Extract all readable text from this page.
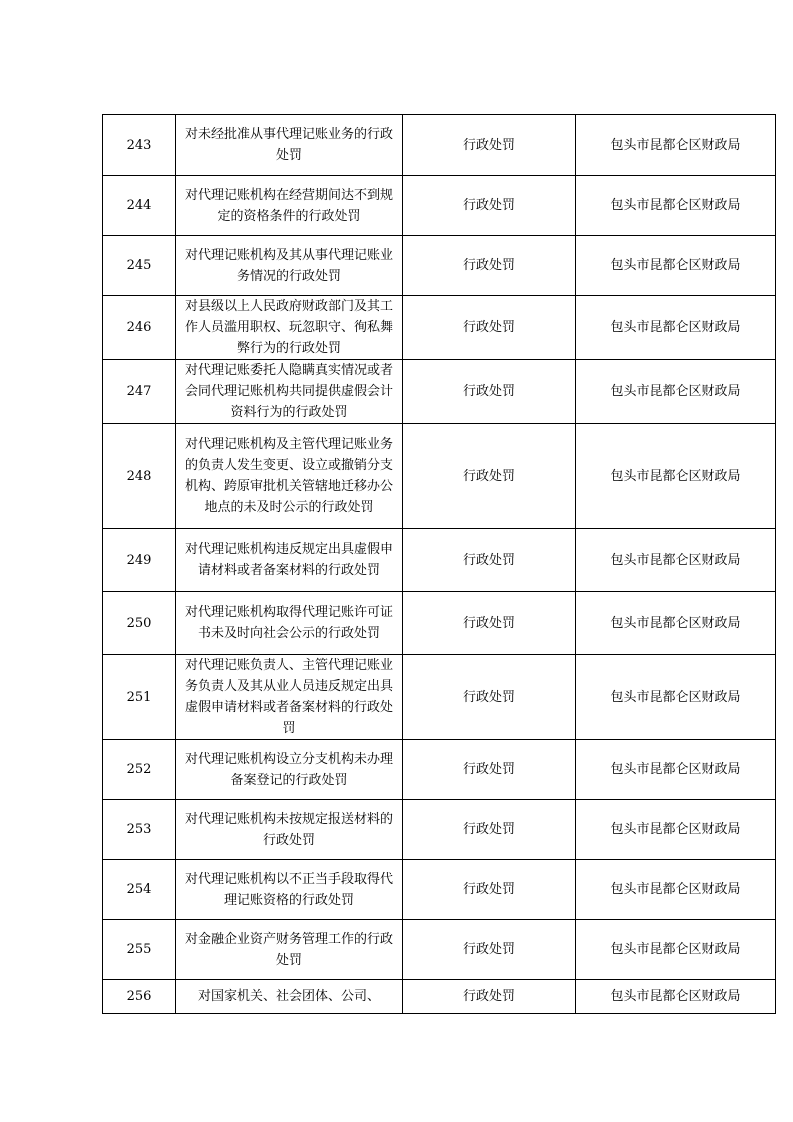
243	对未经批准从事代理记账业务的行政处罚	行政处罚	包头市昆都仑区财政局
244	对代理记账机构在经营期间达不到规定的资格条件的行政处罚	行政处罚	包头市昆都仑区财政局
245	对代理记账机构及其从事代理记账业务情况的行政处罚	行政处罚	包头市昆都仑区财政局
246	对县级以上人民政府财政部门及其工作人员滥用职权、玩忽职守、徇私舞弊行为的行政处罚	行政处罚	包头市昆都仑区财政局
247	对代理记账委托人隐瞒真实情况或者会同代理记账机构共同提供虚假会计资料行为的行政处罚	行政处罚	包头市昆都仑区财政局
248	对代理记账机构及主管代理记账业务的负责人发生变更、设立或撤销分支机构、跨原审批机关管辖地迁移办公地点的未及时公示的行政处罚	行政处罚	包头市昆都仑区财政局
249	对代理记账机构违反规定出具虚假申请材料或者备案材料的行政处罚	行政处罚	包头市昆都仑区财政局
250	对代理记账机构取得代理记账许可证书未及时向社会公示的行政处罚	行政处罚	包头市昆都仑区财政局
251	对代理记账负责人、主管代理记账业务负责人及其从业人员违反规定出具虚假申请材料或者备案材料的行政处罚	行政处罚	包头市昆都仑区财政局
252	对代理记账机构设立分支机构未办理备案登记的行政处罚	行政处罚	包头市昆都仑区财政局
253	对代理记账机构未按规定报送材料的行政处罚	行政处罚	包头市昆都仑区财政局
254	对代理记账机构以不正当手段取得代理记账资格的行政处罚	行政处罚	包头市昆都仑区财政局
255	对金融企业资产财务管理工作的行政处罚	行政处罚	包头市昆都仑区财政局
256	对国家机关、社会团体、公司、	行政处罚	包头市昆都仑区财政局
